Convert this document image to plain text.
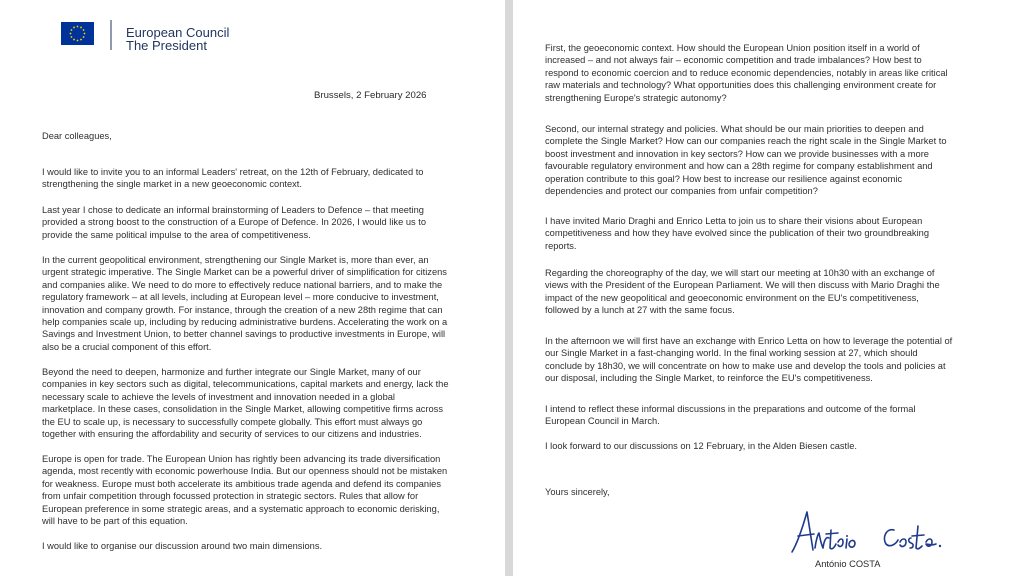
European Council
The President
Brussels, 2 February 2026

Dear colleagues,

I would like to invite you to an informal Leaders' retreat, on the 12th of February, dedicated to
strengthening the single market in a new geoeconomic context.
Last year I chose to dedicate an informal brainstorming of Leaders to Defence – that meeting
provided a strong boost to the construction of a Europe of Defence. In 2026, I would like us to
provide the same political impulse to the area of competitiveness.
In the current geopolitical environment, strengthening our Single Market is, more than ever, an
urgent strategic imperative. The Single Market can be a powerful driver of simplification for citizens
and companies alike. We need to do more to effectively reduce national barriers, and to make the
regulatory framework – at all levels, including at European level – more conducive to investment,
innovation and company growth. For instance, through the creation of a new 28th regime that can
help companies scale up, including by reducing administrative burdens. Accelerating the work on a
Savings and Investment Union, to better channel savings to productive investments in Europe, will
also be a crucial component of this effort.
Beyond the need to deepen, harmonize and further integrate our Single Market, many of our
companies in key sectors such as digital, telecommunications, capital markets and energy, lack the
necessary scale to achieve the levels of investment and innovation needed in a global
marketplace. In these cases, consolidation in the Single Market, allowing competitive firms across
the EU to scale up, is necessary to successfully compete globally. This effort must always go
together with ensuring the affordability and security of services to our citizens and industries.
Europe is open for trade. The European Union has rightly been advancing its trade diversification
agenda, most recently with economic powerhouse India. But our openness should not be mistaken
for weakness. Europe must both accelerate its ambitious trade agenda and defend its companies
from unfair competition through focussed protection in strategic sectors. Rules that allow for
European preference in some strategic areas, and a systematic approach to economic derisking,
will have to be part of this equation.
I would like to organise our discussion around two main dimensions.
First, the geoeconomic context. How should the European Union position itself in a world of
increased – and not always fair – economic competition and trade imbalances? How best to
respond to economic coercion and to reduce economic dependencies, notably in areas like critical
raw materials and technology? What opportunities does this challenging environment create for
strengthening Europe's strategic autonomy?
Second, our internal strategy and policies. What should be our main priorities to deepen and
complete the Single Market? How can our companies reach the right scale in the Single Market to
boost investment and innovation in key sectors? How can we provide businesses with a more
favourable regulatory environment and how can a 28th regime for company establishment and
operation contribute to this goal? How best to increase our resilience against economic
dependencies and protect our companies from unfair competition?
I have invited Mario Draghi and Enrico Letta to join us to share their visions about European
competitiveness and how they have evolved since the publication of their two groundbreaking
reports.
Regarding the choreography of the day, we will start our meeting at 10h30 with an exchange of
views with the President of the European Parliament. We will then discuss with Mario Draghi the
impact of the new geopolitical and geoeconomic environment on the EU's competitiveness,
followed by a lunch at 27 with the same focus.
In the afternoon we will first have an exchange with Enrico Letta on how to leverage the potential of
our Single Market in a fast-changing world. In the final working session at 27, which should
conclude by 18h30, we will concentrate on how to make use and develop the tools and policies at
our disposal, including the Single Market, to reinforce the EU's competitiveness.
I intend to reflect these informal discussions in the preparations and outcome of the formal
European Council in March.
I look forward to our discussions on 12 February, in the Alden Biesen castle.

Yours sincerely,

António COSTA
